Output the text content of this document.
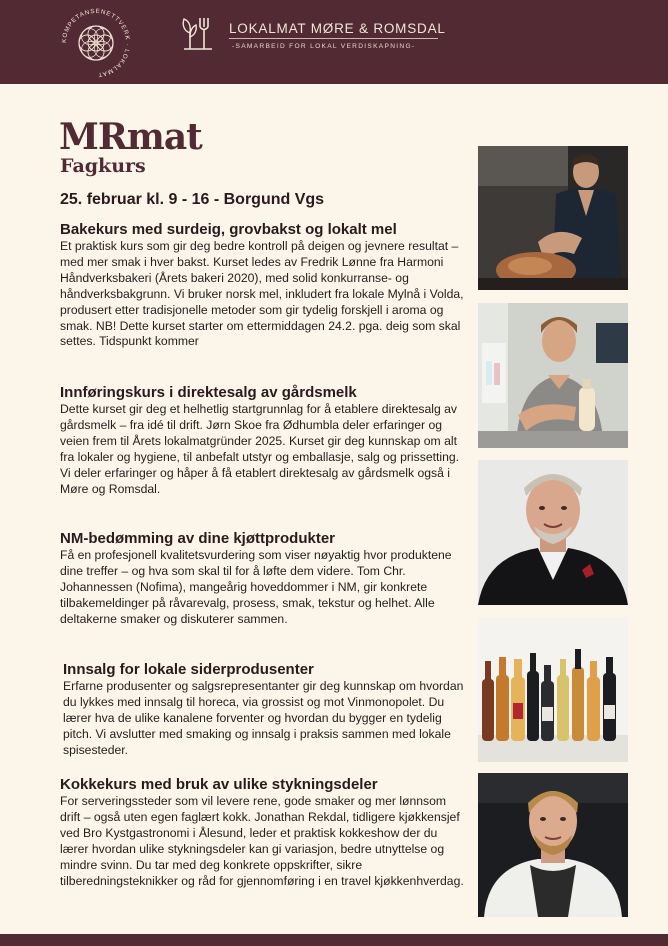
KOMPETANSENETTVERK · LOKALMAT
LOKALMAT MØRE & ROMSDAL
-SAMARBEID FOR LOKAL VERDISKAPNING-
MRmat
Fagkurs
25. februar kl. 9 - 16 - Borgund Vgs
Bakekurs med surdeig, grovbakst og lokalt mel
Et praktisk kurs som gir deg bedre kontroll på deigen og jevnere resultat – med mer smak i hver bakst. Kurset ledes av Fredrik Lønne fra Harmoni Håndverksbakeri (Årets bakeri 2020), med solid konkurranse- og håndverksbakgrunn. Vi bruker norsk mel, inkludert fra lokale Mylnå i Volda, produsert etter tradisjonelle metoder som gir tydelig forskjell i aroma og smak. NB! Dette kurset starter om ettermiddagen 24.2. pga. deig som skal settes. Tidspunkt kommer
Innføringskurs i direktesalg av gårdsmelk
Dette kurset gir deg et helhetlig startgrunnlag for å etablere direktesalg av gårdsmelk – fra idé til drift. Jørn Skoe fra Ødhumbla deler erfaringer og veien frem til Årets lokalmatgründer 2025. Kurset gir deg kunnskap om alt fra lokaler og hygiene, til anbefalt utstyr og emballasje, salg og prissetting. Vi deler erfaringer og håper å få etablert direktesalg av gårdsmelk også i Møre og Romsdal.
NM-bedømming av dine kjøttprodukter
Få en profesjonell kvalitetsvurdering som viser nøyaktig hvor produktene dine treffer – og hva som skal til for å løfte dem videre. Tom Chr. Johannessen (Nofima), mangeårig hoveddommer i NM, gir konkrete tilbakemeldinger på råvarevalg, prosess, smak, tekstur og helhet. Alle deltakerne smaker og diskuterer sammen.
Innsalg for lokale siderprodusenter
Erfarne produsenter og salgsrepresentanter gir deg kunnskap om hvordan du lykkes med innsalg til horeca, via grossist og mot Vinmonopolet. Du lærer hva de ulike kanalene forventer og hvordan du bygger en tydelig pitch. Vi avslutter med smaking og innsalg i praksis sammen med lokale spisesteder.
Kokkekurs med bruk av ulike stykningsdeler
For serveringssteder som vil levere rene, gode smaker og mer lønnsom drift – også uten egen faglært kokk. Jonathan Rekdal, tidligere kjøkkensjef ved Bro Kystgastronomi i Ålesund, leder et praktisk kokkeshow der du lærer hvordan ulike stykningsdeler kan gi variasjon, bedre utnyttelse og mindre svinn. Du tar med deg konkrete oppskrifter, sikre tilberedningsteknikker og råd for gjennomføring i en travel kjøkkenhverdag.
